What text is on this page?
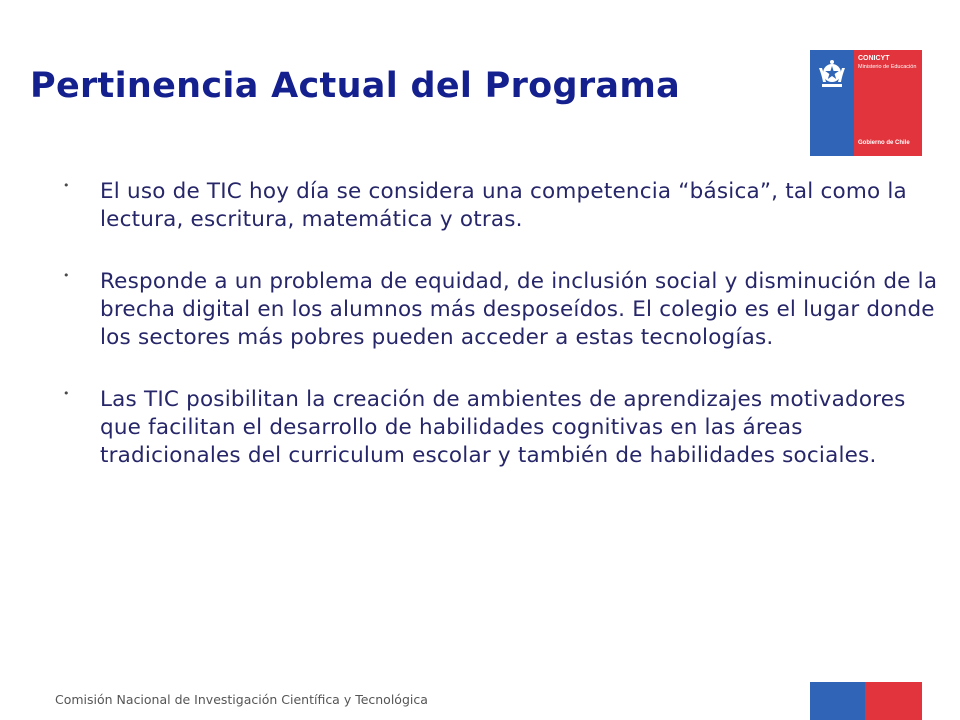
Pertinencia Actual del Programa
CONICYT
Ministerio de Educación
Gobierno de Chile
• El uso de TIC hoy día se considera una competencia “básica”, tal como la lectura, escritura, matemática y otras.

• Responde a un problema de equidad, de inclusión social y disminución de la brecha digital en los alumnos más desposeídos. El colegio es el lugar donde los sectores más pobres pueden acceder a estas tecnologías.

• Las TIC posibilitan la creación de ambientes de aprendizajes motivadores que facilitan el desarrollo de habilidades cognitivas en las áreas tradicionales del curriculum escolar y también de habilidades sociales.

Comisión Nacional de Investigación Científica y Tecnológica
